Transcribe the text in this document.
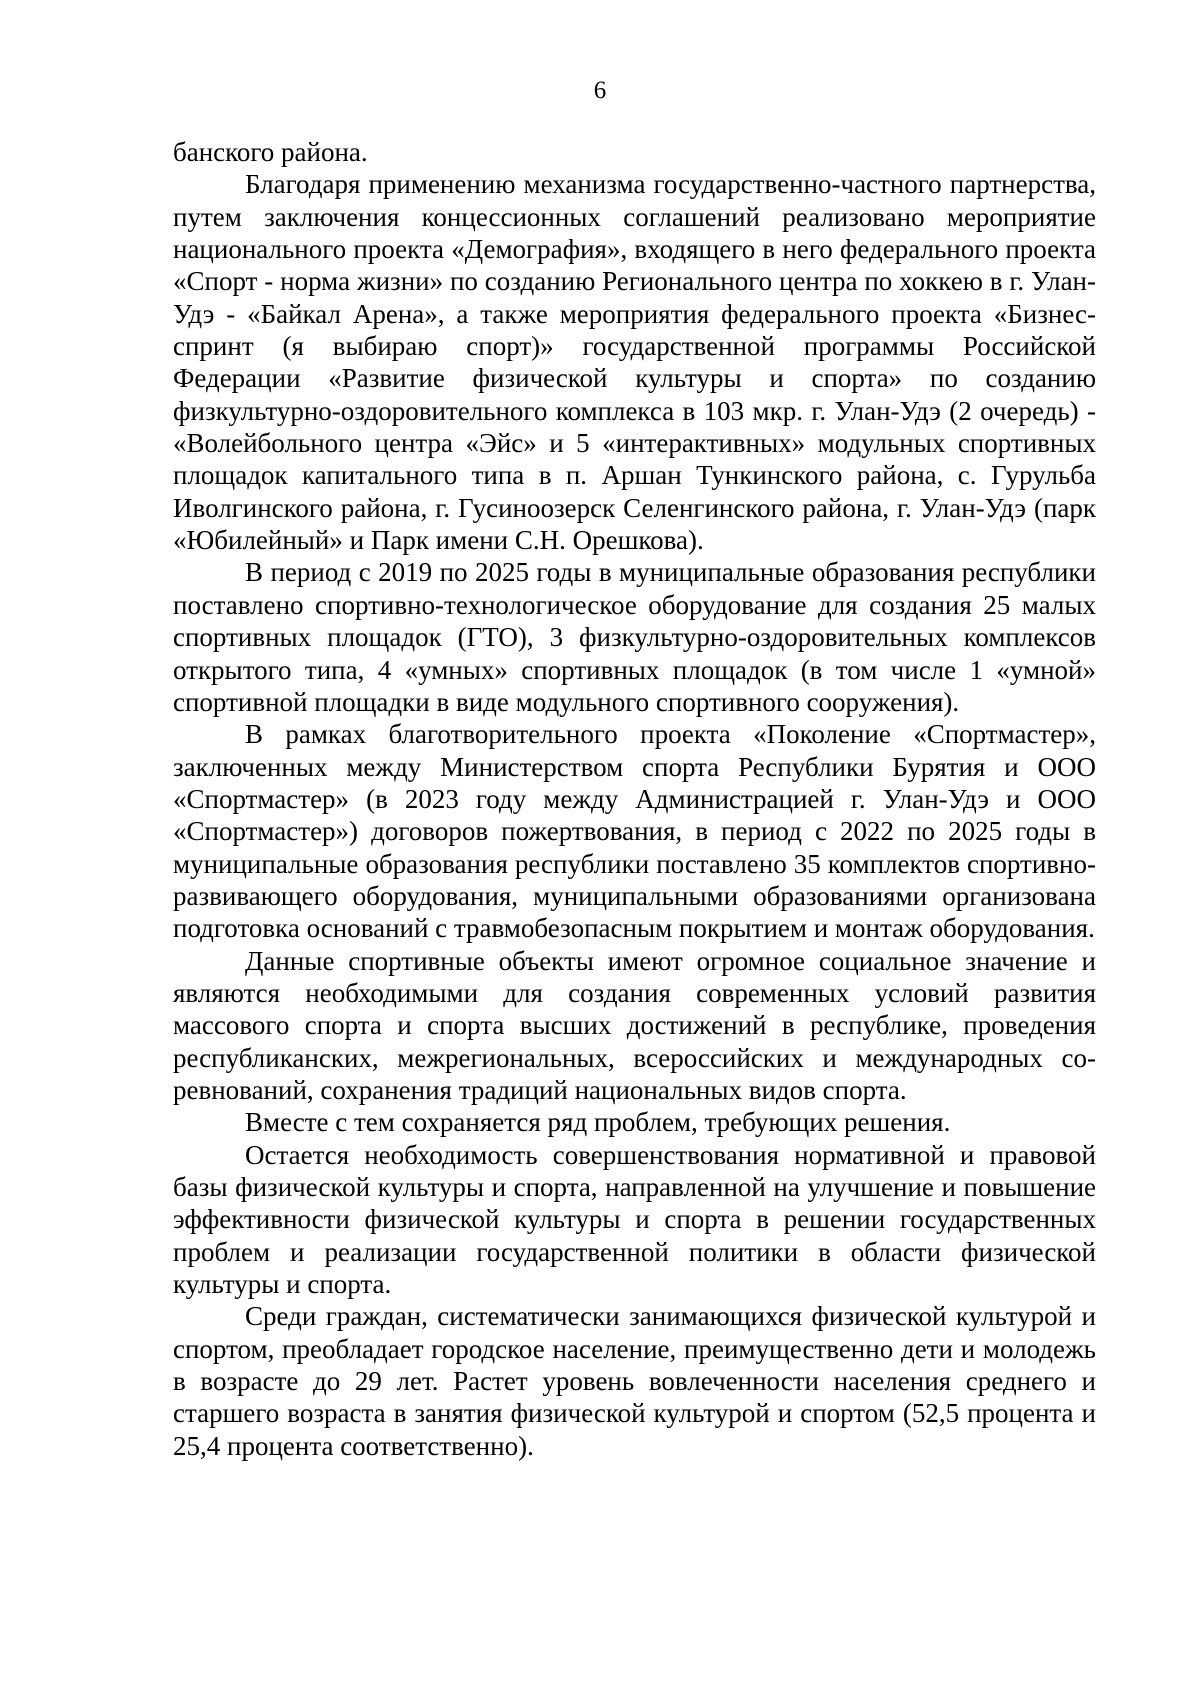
6

банского района.

Благодаря применению механизма государственно-частного партнерства, путем заключения концессионных соглашений реализовано мероприятие национального проекта «Демография», входящего в него федерального проекта «Спорт - норма жизни» по созданию Регионального центра по хоккею в г. Улан-Удэ - «Байкал Арена», а также мероприятия федерального проекта «Бизнес-спринт (я выбираю спорт)» государственной программы Российской Федерации «Развитие физической культуры и спорта» по созданию физкультурно-оздоровительного комплекса в 103 мкр. г. Улан-Удэ (2 очередь) - «Волейбольного центра «Эйс» и 5 «интерактивных» модульных спортивных площадок капитального типа в п. Аршан Тункинского района, с. Гурульба Иволгинского района, г. Гусиноозерск Селенгинского района, г. Улан-Удэ (парк «Юбилейный» и Парк имени С.Н. Орешкова).

В период с 2019 по 2025 годы в муниципальные образования республики поставлено спортивно-технологическое оборудование для создания 25 малых спортивных площадок (ГТО), 3 физкультурно-оздоровительных комплексов открытого типа, 4 «умных» спортивных площадок (в том числе 1 «умной» спортивной площадки в виде модульного спортивного сооружения).

В рамках благотворительного проекта «Поколение «Спортмастер», заключенных между Министерством спорта Республики Бурятия и ООО «Спортмастер» (в 2023 году между Администрацией г. Улан-Удэ и ООО «Спортмастер») договоров пожертвования, в период с 2022 по 2025 годы в муниципальные образования республики поставлено 35 комплектов спортивно-развивающего оборудования, муниципальными образованиями организована подготовка оснований с травмобезопасным покрытием и монтаж оборудования.

Данные спортивные объекты имеют огромное социальное значение и являются необходимыми для создания современных условий развития массового спорта и спорта высших достижений в республике, проведения республиканских, межрегиональных, всероссийских и международных соревнований, сохранения традиций национальных видов спорта.

Вместе с тем сохраняется ряд проблем, требующих решения.

Остается необходимость совершенствования нормативной и правовой базы физической культуры и спорта, направленной на улучшение и повышение эффективности физической культуры и спорта в решении государственных проблем и реализации государственной политики в области физической культуры и спорта.

Среди граждан, систематически занимающихся физической культурой и спортом, преобладает городское население, преимущественно дети и молодежь в возрасте до 29 лет. Растет уровень вовлеченности населения среднего и старшего возраста в занятия физической культурой и спортом (52,5 процента и 25,4 процента соответственно).
